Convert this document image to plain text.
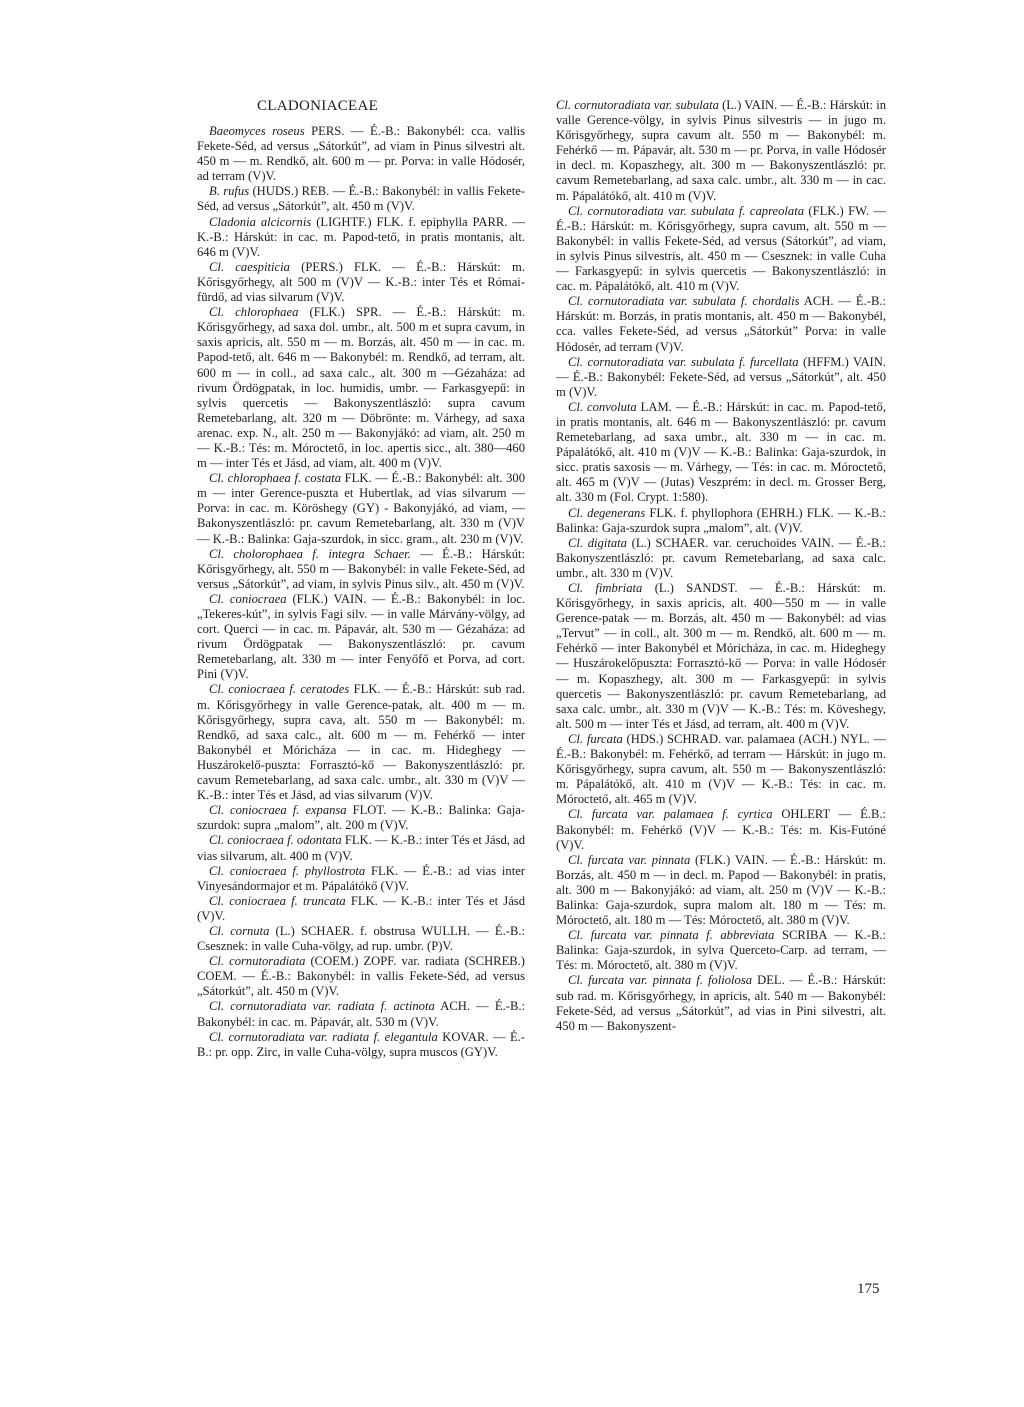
CLADONIACEAE

Baeomyces roseus PERS. — É.-B.: Bakonybél: cca. vallis Fekete-Séd, ad versus „Sátorkút”, ad viam in Pinus silvestri alt. 450 m — m. Rendkő, alt. 600 m — pr. Porva: in valle Hódosér, ad terram (V)V.

B. rufus (HUDS.) REB. — É.-B.: Bakonybél: in vallis Fekete-Séd, ad versus „Sátorkút”, alt. 450 m (V)V.

Cladonia alcicornis (LIGHTF.) FLK. f. epiphylla PARR. — K.-B.: Hárskút: in cac. m. Papod-tető, in pratis montanis, alt. 646 m (V)V.

Cl. caespiticia (PERS.) FLK. — É.-B.: Hárskút: m. Kőrisgyőrhegy, alt 500 m (V)V — K.-B.: inter Tés et Római-fürdő, ad vias silvarum (V)V.

Cl. chlorophaea (FLK.) SPR. — É.-B.: Hárskút: m. Kőrisgyőrhegy, ad saxa dol. umbr., alt. 500 m et supra cavum, in saxis apricis, alt. 550 m — m. Borzás, alt. 450 m — in cac. m. Papod-tető, alt. 646 m — Bakonybél: m. Rendkő, ad terram, alt. 600 m — in coll., ad saxa calc., alt. 300 m —Gézaháza: ad rivum Ördögpatak, in loc. humidis, umbr. — Farkasgyepű: in sylvis quercetis — Bakonyszentlászló: supra cavum Remetebarlang, alt. 320 m — Döbrönte: m. Várhegy, ad saxa arenac. exp. N., alt. 250 m — Bakonyjákó: ad viam, alt. 250 m — K.-B.: Tés: m. Móroctető, in loc. apertis sicc., alt. 380—460 m — inter Tés et Jásd, ad viam, alt. 400 m (V)V.

Cl. chlorophaea f. costata FLK. — É.-B.: Bakonybél: alt. 300 m — inter Gerence-puszta et Hubertlak, ad vias silvarum — Porva: in cac. m. Köröshegy (GY) - Bakonyjákó, ad viam, — Bakonyszentlászló: pr. cavum Remetebarlang, alt. 330 m (V)V — K.-B.: Balinka: Gaja-szurdok, in sicc. gram., alt. 230 m (V)V.

Cl. cholorophaea f. integra Schaer. — É.-B.: Hárskút: Kőrisgyőrhegy, alt. 550 m — Bakonybél: in valle Fekete-Séd, ad versus „Sátorkút”, ad viam, in sylvis Pinus silv., alt. 450 m (V)V.

Cl. coniocraea (FLK.) VAIN. — É.-B.: Bakonybél: in loc. „Tekeres-kút”, in sylvis Fagi silv. — in valle Márvány-völgy, ad cort. Querci — in cac. m. Pápavár, alt. 530 m — Gézaháza: ad rivum Ördögpatak — Bakonyszentlászló: pr. cavum Remetebarlang, alt. 330 m — inter Fenyőfő et Porva, ad cort. Pini (V)V.

Cl. coniocraea f. ceratodes FLK. — É.-B.: Hárskút: sub rad. m. Kőrisgyőrhegy in valle Gerence-patak, alt. 400 m — m. Kőrisgyőrhegy, supra cava, alt. 550 m — Bakonybél: m. Rendkő, ad saxa calc., alt. 600 m — m. Fehérkő — inter Bakonybél et Móricháza — in cac. m. Hideghegy — Huszárokelő-puszta: Forrasztó-kő — Bakonyszentlászló: pr. cavum Remetebarlang, ad saxa calc. umbr., alt. 330 m (V)V — K.-B.: inter Tés et Jásd, ad vias silvarum (V)V.

Cl. coniocraea f. expansa FLOT. — K.-B.: Balinka: Gaja-szurdok: supra „malom”, alt. 200 m (V)V.

Cl. coniocraea f. odontata FLK. — K.-B.: inter Tés et Jásd, ad vias silvarum, alt. 400 m (V)V.

Cl. coniocraea f. phyllostrota FLK. — É.-B.: ad vias inter Vinyesándormajor et m. Pápalátókő (V)V.

Cl. coniocraea f. truncata FLK. — K.-B.: inter Tés et Jásd (V)V.

Cl. cornuta (L.) SCHAER. f. obstrusa WULLH. — É.-B.: Csesznek: in valle Cuha-völgy, ad rup. umbr. (P)V.

Cl. cornutoradiata (COEM.) ZOPF. var. radiata (SCHREB.) COEM. — É.-B.: Bakonybél: in vallis Fekete-Séd, ad versus „Sátorkút”, alt. 450 m (V)V.

Cl. cornutoradiata var. radiata f. actinota ACH. — É.-B.: Bakonybél: in cac. m. Pápavár, alt. 530 m (V)V.

Cl. cornutoradiata var. radiata f. elegantula KOVAR. — É.-B.: pr. opp. Zirc, in valle Cuha-völgy, supra muscos (GY)V.

Cl. cornutoradiata var. subulata (L.) VAIN. — É.-B.: Hárskút: in valle Gerence-völgy, in sylvis Pinus silvestris — in jugo m. Kőrisgyőrhegy, supra cavum alt. 550 m — Bakonybél: m. Fehérkő — m. Pápavár, alt. 530 m — pr. Porva, in valle Hódosér in decl. m. Kopaszhegy, alt. 300 m — Bakonyszentlászló: pr. cavum Remetebarlang, ad saxa calc. umbr., alt. 330 m — in cac. m. Pápalátókő, alt. 410 m (V)V.

Cl. cornutoradiata var. subulata f. capreolata (FLK.) FW. — É.-B.: Hárskút: m. Kőrisgyőrhegy, supra cavum, alt. 550 m — Bakonybél: in vallis Fekete-Séd, ad versus (Sátorkút”, ad viam, in sylvis Pinus silvestris, alt. 450 m — Csesznek: in valle Cuha — Farkasgyepű: in sylvis quercetis — Bakonyszentlászló: in cac. m. Pápalátókő, alt. 410 m (V)V.

Cl. cornutoradiata var. subulata f. chordalis ACH. — É.-B.: Hárskút: m. Borzás, in pratis montanis, alt. 450 m — Bakonybél, cca. valles Fekete-Séd, ad versus „Sátorkút” Porva: in valle Hódosér, ad terram (V)V.

Cl. cornutoradiata var. subulata f. furcellata (HFFM.) VAIN. — É.-B.: Bakonybél: Fekete-Séd, ad versus „Sátorkút”, alt. 450 m (V)V.

Cl. convoluta LAM. — É.-B.: Hárskút: in cac. m. Papod-tető, in pratis montanis, alt. 646 m — Bakonyszentlászló: pr. cavum Remetebarlang, ad saxa umbr., alt. 330 m — in cac. m. Pápalátókő, alt. 410 m (V)V — K.-B.: Balinka: Gaja-szurdok, in sicc. pratis saxosis — m. Várhegy, — Tés: in cac. m. Móroctető, alt. 465 m (V)V — (Jutas) Veszprém: in decl. m. Grosser Berg, alt. 330 m (Fol. Crypt. 1:580).

Cl. degenerans FLK. f. phyllophora (EHRH.) FLK. — K.-B.: Balinka: Gaja-szurdok supra „malom”, alt. (V)V.

Cl. digitata (L.) SCHAER. var. ceruchoides VAIN. — É.-B.: Bakonyszentlászló: pr. cavum Remetebarlang, ad saxa calc. umbr., alt. 330 m (V)V.

Cl. fimbriata (L.) SANDST. — É.-B.: Hárskút: m. Kőrisgyőrhegy, in saxis apricis, alt. 400—550 m — in valle Gerence-patak — m. Borzás, alt. 450 m — Bakonybél: ad vias „Tervut” — in coll., alt. 300 m — m. Rendkő, alt. 600 m — m. Fehérkő — inter Bakonybél et Móricháza, in cac. m. Hideghegy — Huszárokelőpuszta: Forrasztó-kő — Porva: in valle Hódosér — m. Kopaszhegy, alt. 300 m — Farkasgyepű: in sylvis quercetis — Bakonyszentlászló: pr. cavum Remetebarlang, ad saxa calc. umbr., alt. 330 m (V)V — K.-B.: Tés: m. Köveshegy, alt. 500 m — inter Tés et Jásd, ad terram, alt. 400 m (V)V.

Cl. furcata (HDS.) SCHRAD. var. palamaea (ACH.) NYL. — É.-B.: Bakonybél: m. Fehérkő, ad terram — Hárskút: in jugo m. Kőrisgyőrhegy, supra cavum, alt. 550 m — Bakonyszentlászló: m. Pápalátókő, alt. 410 m (V)V — K.-B.: Tés: in cac. m. Móroctető, alt. 465 m (V)V.

Cl. furcata var. palamaea f. cyrtica OHLERT — É.B.: Bakonybél: m. Fehérkő (V)V — K.-B.: Tés: m. Kis-Futóné (V)V.

Cl. furcata var. pinnata (FLK.) VAIN. — É.-B.: Hárskút: m. Borzás, alt. 450 m — in decl. m. Papod — Bakonybél: in pratis, alt. 300 m — Bakonyjákó: ad viam, alt. 250 m (V)V — K.-B.: Balinka: Gaja-szurdok, supra malom alt. 180 m — Tés: m. Móroctető, alt. 180 m — Tés: Móroctető, alt. 380 m (V)V.

Cl. furcata var. pinnata f. abbreviata SCRIBA — K.-B.: Balinka: Gaja-szurdok, in sylva Querceto-Carp. ad terram, — Tés: m. Móroctető, alt. 380 m (V)V.

Cl. furcata var. pinnata f. foliolosa DEL. — É.-B.: Hárskút: sub rad. m. Kőrisgyőrhegy, in apricis, alt. 540 m — Bakonybél: Fekete-Séd, ad versus „Sátorkút”, ad vias in Pini silvestri, alt. 450 m — Bakonyszent-

175
